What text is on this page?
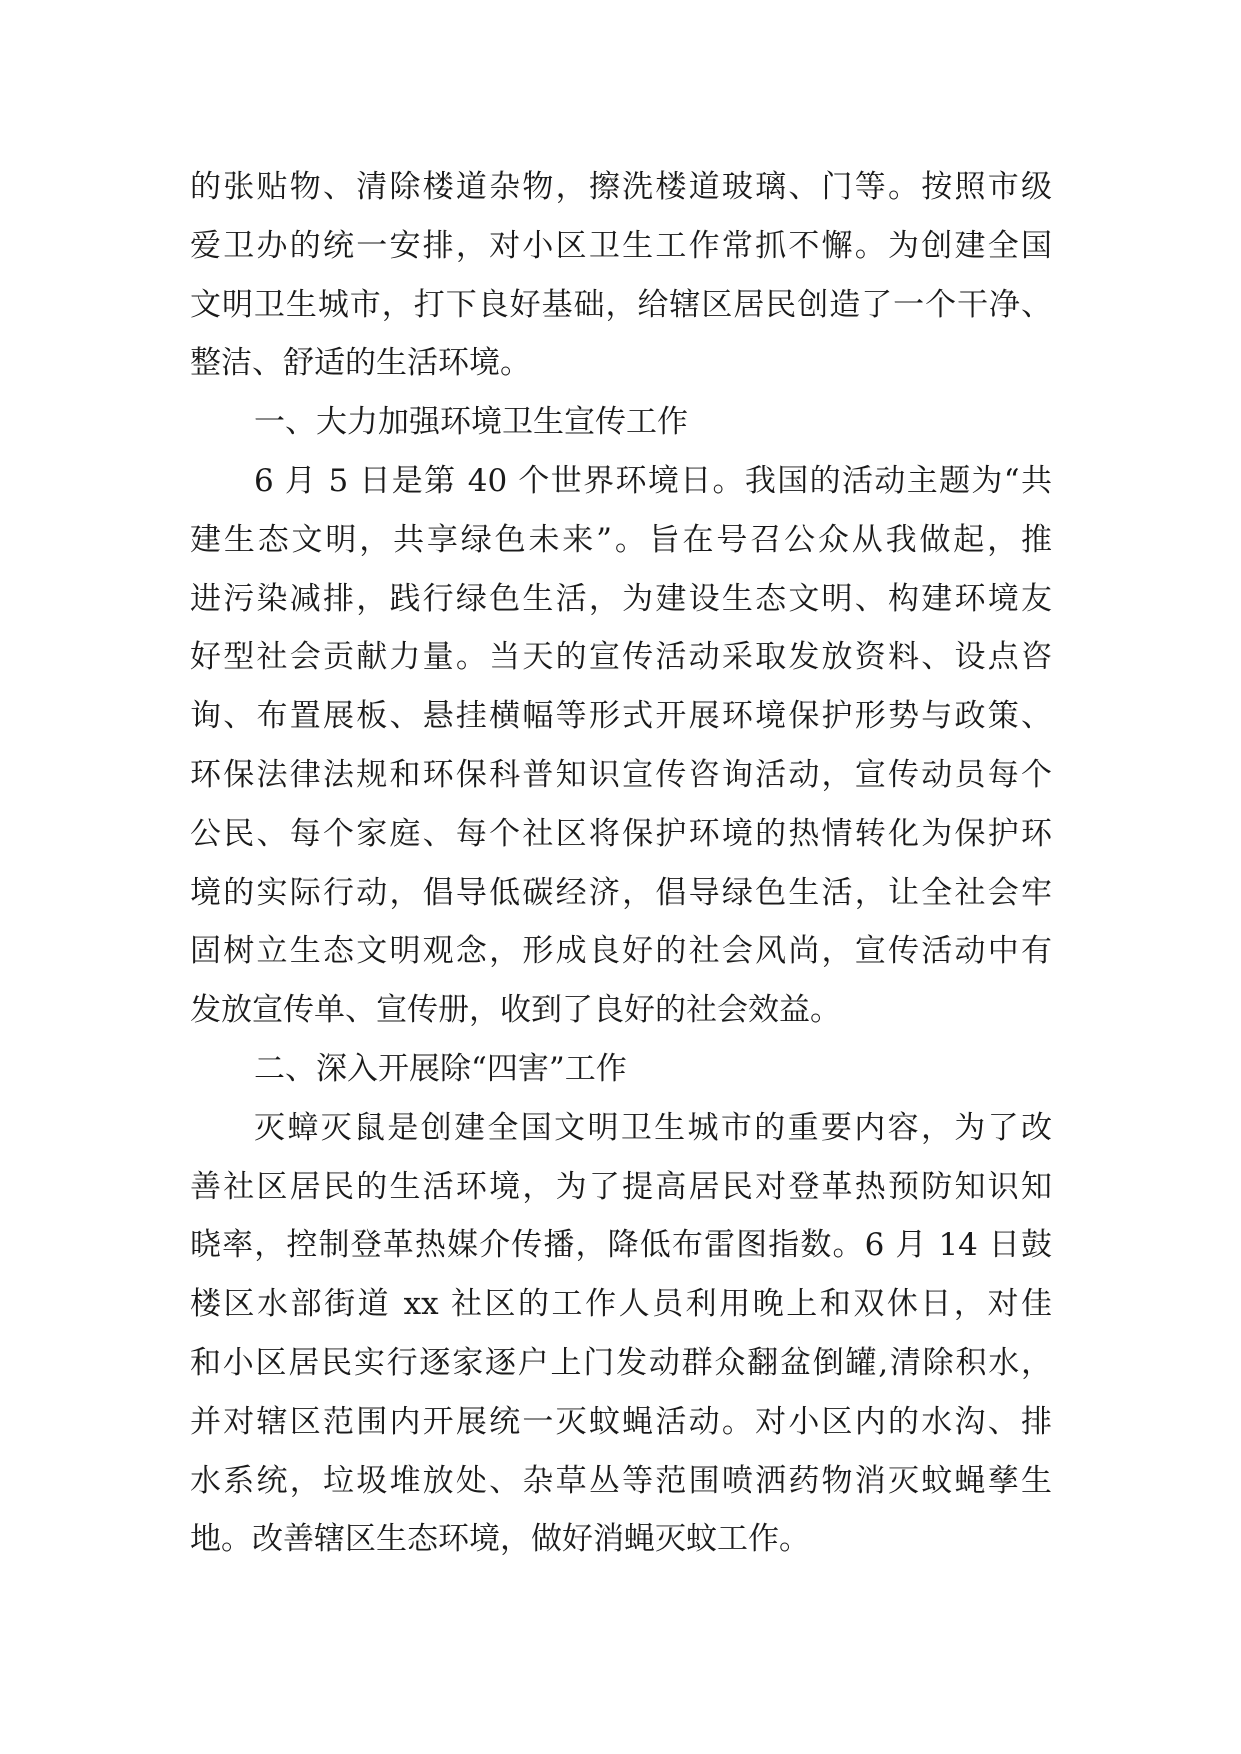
的张贴物、清除楼道杂物，擦洗楼道玻璃、门等。按照市级
爱卫办的统一安排，对小区卫生工作常抓不懈。为创建全国
文明卫生城市，打下良好基础，给辖区居民创造了一个干净、
整洁、舒适的生活环境。
一、大力加强环境卫生宣传工作
6 月 5 日是第 40 个世界环境日。我国的活动主题为“共
建生态文明，共享绿色未来”。旨在号召公众从我做起，推
进污染减排，践行绿色生活，为建设生态文明、构建环境友
好型社会贡献力量。当天的宣传活动采取发放资料、设点咨
询、布置展板、悬挂横幅等形式开展环境保护形势与政策、
环保法律法规和环保科普知识宣传咨询活动，宣传动员每个
公民、每个家庭、每个社区将保护环境的热情转化为保护环
境的实际行动，倡导低碳经济，倡导绿色生活，让全社会牢
固树立生态文明观念，形成良好的社会风尚，宣传活动中有
发放宣传单、宣传册，收到了良好的社会效益。
二、深入开展除“四害”工作
灭蟑灭鼠是创建全国文明卫生城市的重要内容，为了改
善社区居民的生活环境，为了提高居民对登革热预防知识知
晓率，控制登革热媒介传播，降低布雷图指数。6 月 14 日鼓
楼区水部街道 xx 社区的工作人员利用晚上和双休日，对佳
和小区居民实行逐家逐户上门发动群众翻盆倒罐,清除积水，
并对辖区范围内开展统一灭蚊蝇活动。对小区内的水沟、排
水系统，垃圾堆放处、杂草丛等范围喷洒药物消灭蚊蝇孳生
地。改善辖区生态环境，做好消蝇灭蚊工作。
